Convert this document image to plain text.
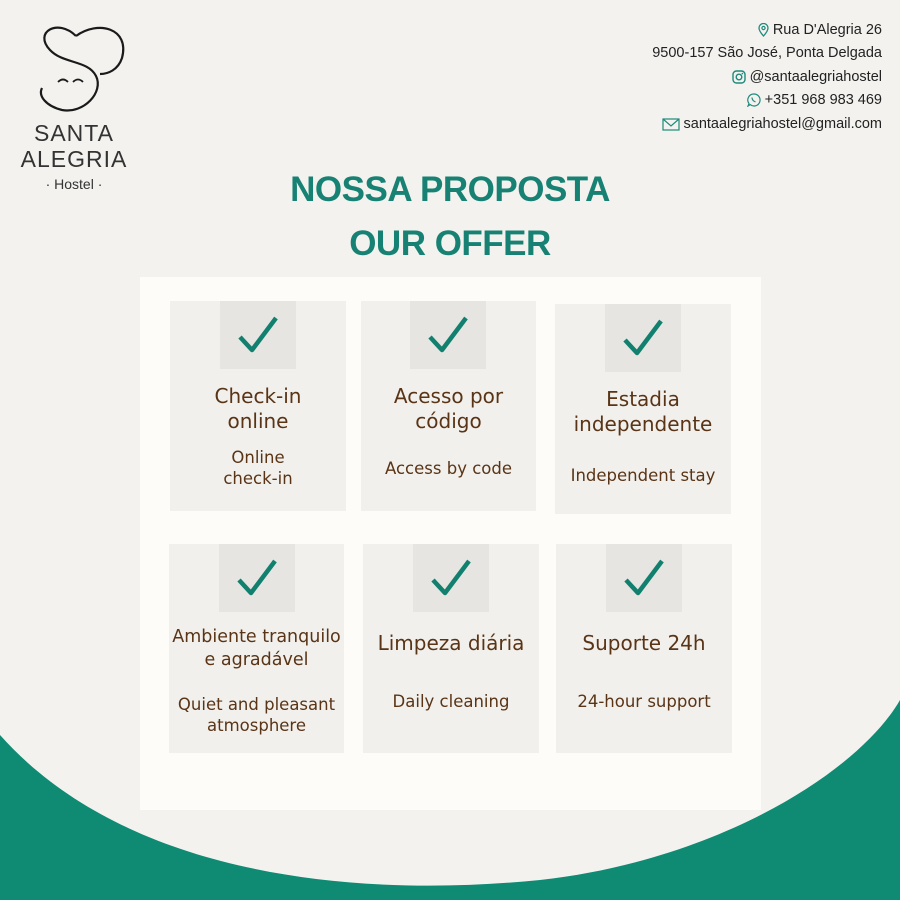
SANTA
ALEGRIA
· Hostel ·
Rua D'Alegria 26
9500-157 São José, Ponta Delgada
@santaalegriahostel
+351 968 983 469
santaalegriahostel@gmail.com
NOSSA PROPOSTA
OUR OFFER
Check-in
online
Online
check-in
Acesso por
código
Access by code
Estadia
independente
Independent stay
Ambiente tranquilo
e agradável
Quiet and pleasant
atmosphere
Limpeza diária
Daily cleaning
Suporte 24h
24-hour support
